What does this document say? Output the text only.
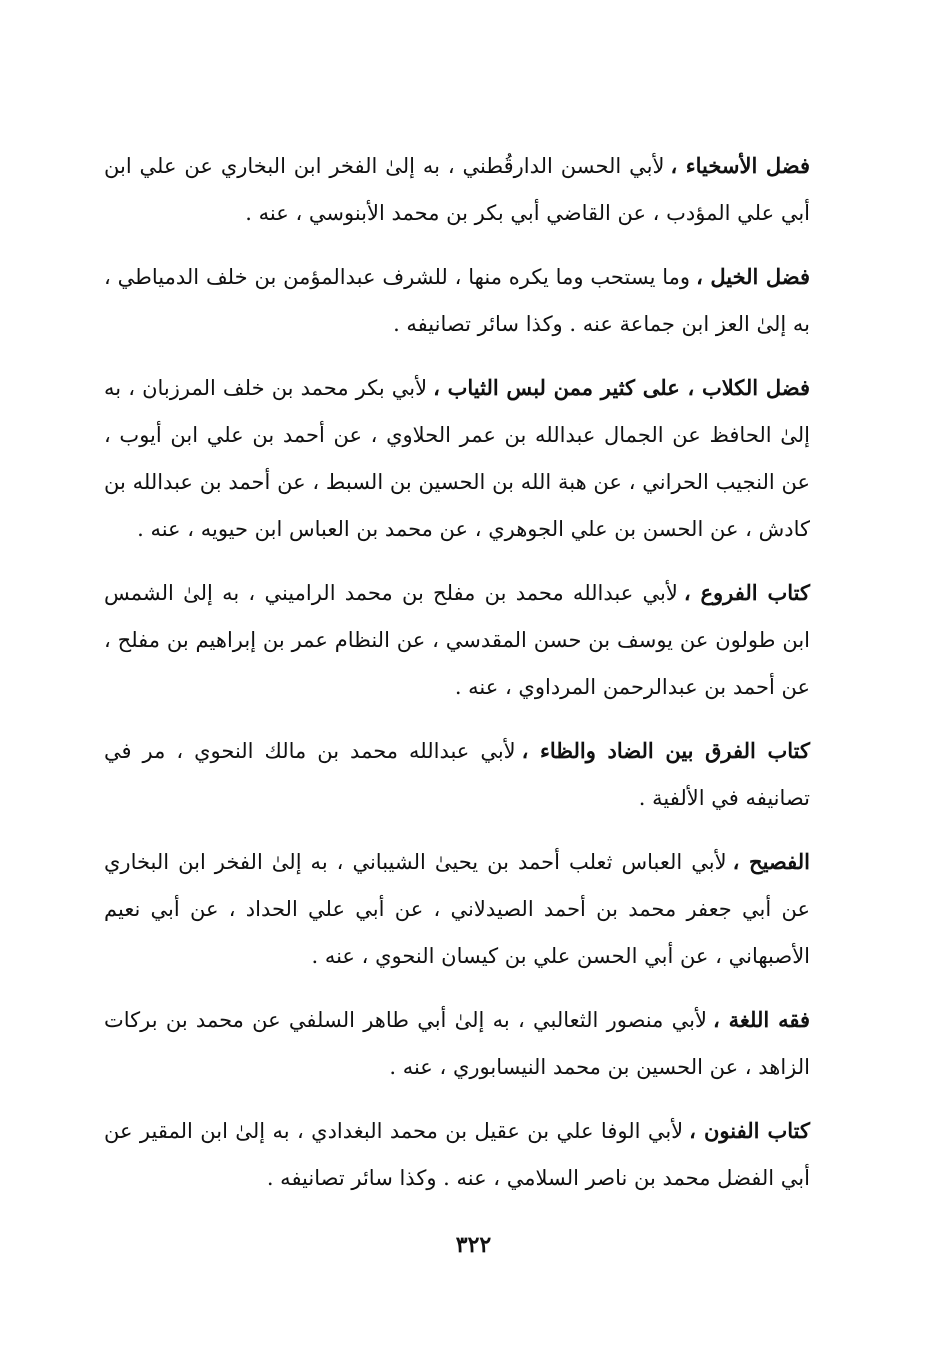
فضل الأسخياء ،لأبي الحسن الدارقُطني ، به إلىٰ الفخر ابن البخاري عن علي ابن أبي علي المؤدب ، عن القاضي أبي بكر بن محمد الأبنوسي ، عنه .

فضل الخيل ،وما يستحب وما يكره منها ، للشرف عبدالمؤمن بن خلف الدمياطي ، به إلىٰ العز ابن جماعة عنه . وكذا سائر تصانيفه .

فضل الكلاب ، على كثير ممن لبس الثياب ،لأبي بكر محمد بن خلف المرزبان ، به إلىٰ الحافظ عن الجمال عبدالله بن عمر الحلاوي ، عن أحمد بن علي ابن أيوب ، عن النجيب الحراني ، عن هبة الله بن الحسين بن السبط ، عن أحمد بن عبدالله بن كادش ، عن الحسن بن علي الجوهري ، عن محمد بن العباس ابن حيويه ، عنه .

كتاب الفروع ،لأبي عبدالله محمد بن مفلح بن محمد الراميني ، به إلىٰ الشمس ابن طولون عن يوسف بن حسن المقدسي ، عن النظام عمر بن إبراهيم بن مفلح ، عن أحمد بن عبدالرحمن المرداوي ، عنه .

كتاب الفرق بين الضاد والظاء ،لأبي عبدالله محمد بن مالك النحوي ، مر في تصانيفه في الألفية .

الفصيح ،لأبي العباس ثعلب أحمد بن يحيىٰ الشيباني ، به إلىٰ الفخر ابن البخاري عن أبي جعفر محمد بن أحمد الصيدلاني ، عن أبي علي الحداد ، عن أبي نعيم الأصبهاني ، عن أبي الحسن علي بن كيسان النحوي ، عنه .

فقه اللغة ،لأبي منصور الثعالبي ، به إلىٰ أبي طاهر السلفي عن محمد بن بركات الزاهد ، عن الحسين بن محمد النيسابوري ، عنه .

كتاب الفنون ،لأبي الوفا علي بن عقيل بن محمد البغدادي ، به إلىٰ ابن المقير عن أبي الفضل محمد بن ناصر السلامي ، عنه . وكذا سائر تصانيفه .

٣٢٢
